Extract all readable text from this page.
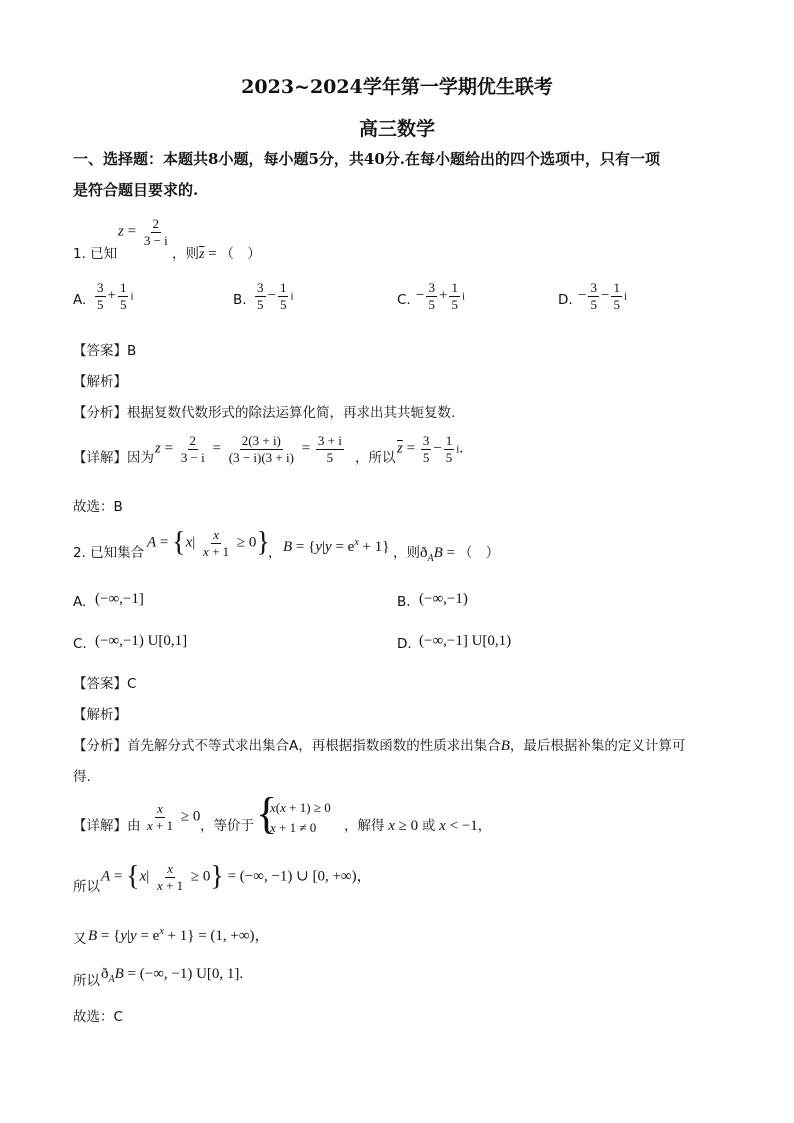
2023~2024学年第一学期优生联考
高三数学
一、选择题：本题共8小题，每小题5分，共40分.在每小题给出的四个选项中，只有一项
是符合题目要求的.
1. 已知
$z = \frac{2}{3 - i}$
，则$\overline{z}$ = （　）
A. $\frac{3}{5} + \frac{1}{5}$ i	B. $\frac{3}{5} - \frac{1}{5}$ i	C. − $\frac{3}{5} + \frac{1}{5}$ i	D. − $\frac{3}{5} - \frac{1}{5}$ i
【答案】B
【解析】
【分析】根据复数代数形式的除法运算化简，再求出其共轭复数.
【详解】因为
$z = \frac{2}{3 - i} = \frac{2(3 + i)}{(3 - i)(3 + i)} = \frac{3 + i}{5}$ ，所以
$\overline{z} = \frac{3}{5} - \frac{1}{5} i$.
故选：B
2. 已知集合
$A = \{x| \frac{x}{x + 1} \ge 0\}$
， $B = \{y|y = e^x + 1\}$ ，则$ð_AB$ = （　）
A. (−∞,−1]	B. (−∞,−1)
C. (−∞,−1) U[0,1]	D. (−∞,−1] U[0,1)
【答案】C
【解析】
【分析】首先解分式不等式求出集合A，再根据指数函数的性质求出集合B，最后根据补集的定义计算可
得.
【详解】由 $\frac{x}{x + 1} \ge 0$
，等价于
{ x(x + 1) ≥ 0
x + 1 ≠ 0	，解得 x ≥ 0 或 x < −1，
所以
$A = \{x| \frac{x}{x + 1} \ge 0\}$ = (−∞, −1) ∪ [0, +∞)，
又 $B = \{y|y = e^x + 1\} = (1$, +∞)，
所以 $ð_AB$ = (−∞, −1) U[0, 1].
故选：C
